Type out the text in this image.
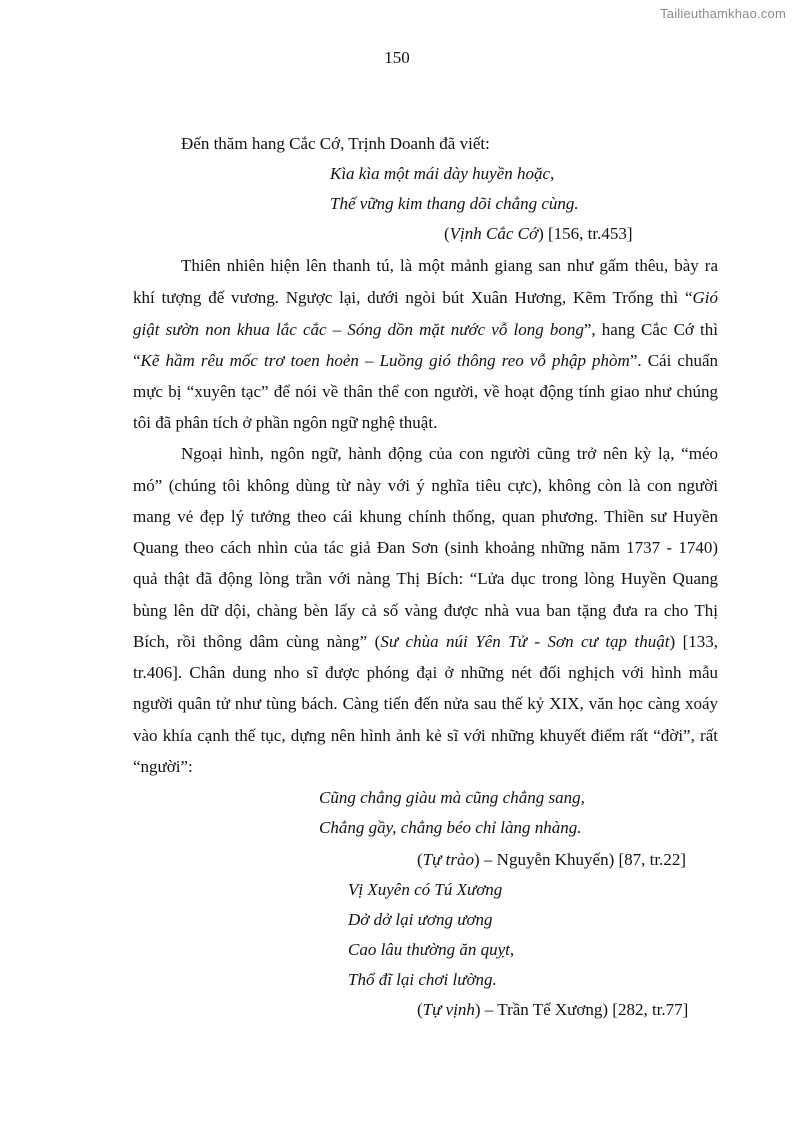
Tailieuthamkhao.com
150
Đến thăm hang Cắc Cớ, Trịnh Doanh đã viết:
Kìa kìa một mái dày huyền hoặc,
Thế vững kim thang dõi chẳng cùng.
(Vịnh Cắc Cớ) [156, tr.453]
Thiên nhiên hiện lên thanh tú, là một mảnh giang san như gấm thêu, bày ra
khí tượng đế vương. Ngược lại, dưới ngòi bút Xuân Hương, Kẽm Trống thì “Gió
giật sườn non khua lắc cắc – Sóng dồn mặt nước vỗ long bong”, hang Cắc Cớ thì
“Kẽ hầm rêu mốc trơ toen hoẻn – Luồng gió thông reo vỗ phập phòm”. Cái chuẩn
mực bị “xuyên tạc” để nói về thân thể con người, về hoạt động tính giao như chúng
tôi đã phân tích ở phần ngôn ngữ nghệ thuật.
Ngoại hình, ngôn ngữ, hành động của con người cũng trở nên kỳ lạ, “méo
mó” (chúng tôi không dùng từ này với ý nghĩa tiêu cực), không còn là con người
mang vẻ đẹp lý tưởng theo cái khung chính thống, quan phương. Thiền sư Huyền
Quang theo cách nhìn của tác giả Đan Sơn (sinh khoảng những năm 1737 - 1740)
quả thật đã động lòng trần với nàng Thị Bích: “Lửa dục trong lòng Huyền Quang
bùng lên dữ dội, chàng bèn lấy cả số vàng được nhà vua ban tặng đưa ra cho Thị
Bích, rồi thông dâm cùng nàng” (Sư chùa núi Yên Tử - Sơn cư tạp thuật) [133,
tr.406]. Chân dung nho sĩ được phóng đại ở những nét đối nghịch với hình mẫu
người quân tử như tùng bách. Càng tiến đến nửa sau thế kỷ XIX, văn học càng xoáy
vào khía cạnh thế tục, dựng nên hình ảnh kẻ sĩ với những khuyết điểm rất “đời”, rất
“người”:
Cũng chẳng giàu mà cũng chẳng sang,
Chẳng gầy, chẳng béo chỉ làng nhàng.
(Tự trào) – Nguyễn Khuyến) [87, tr.22]
Vị Xuyên có Tú Xương
Dở dở lại ương ương
Cao lâu thường ăn quỵt,
Thổ đĩ lại chơi lường.
(Tự vịnh) – Trần Tế Xương) [282, tr.77]
